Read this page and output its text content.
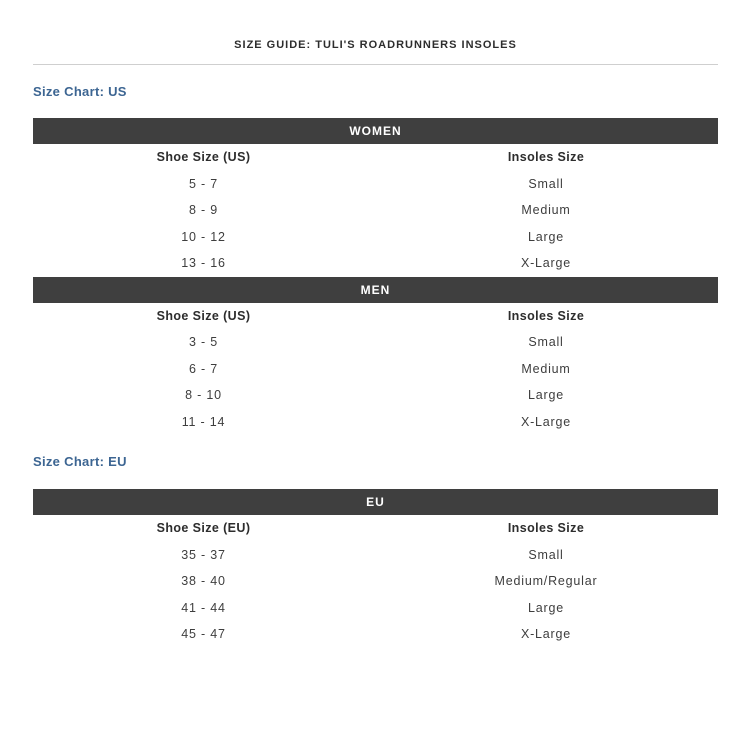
SIZE GUIDE: TULI'S ROADRUNNERS INSOLES
Size Chart: US
WOMEN
Shoe Size (US)	Insoles Size
5 - 7	Small
8 - 9	Medium
10 - 12	Large
13 - 16	X-Large
MEN
Shoe Size (US)	Insoles Size
3 - 5	Small
6 - 7	Medium
8 - 10	Large
11 - 14	X-Large
Size Chart: EU
EU
Shoe Size (EU)	Insoles Size
35 - 37	Small
38 - 40	Medium/Regular
41 - 44	Large
45 - 47	X-Large
